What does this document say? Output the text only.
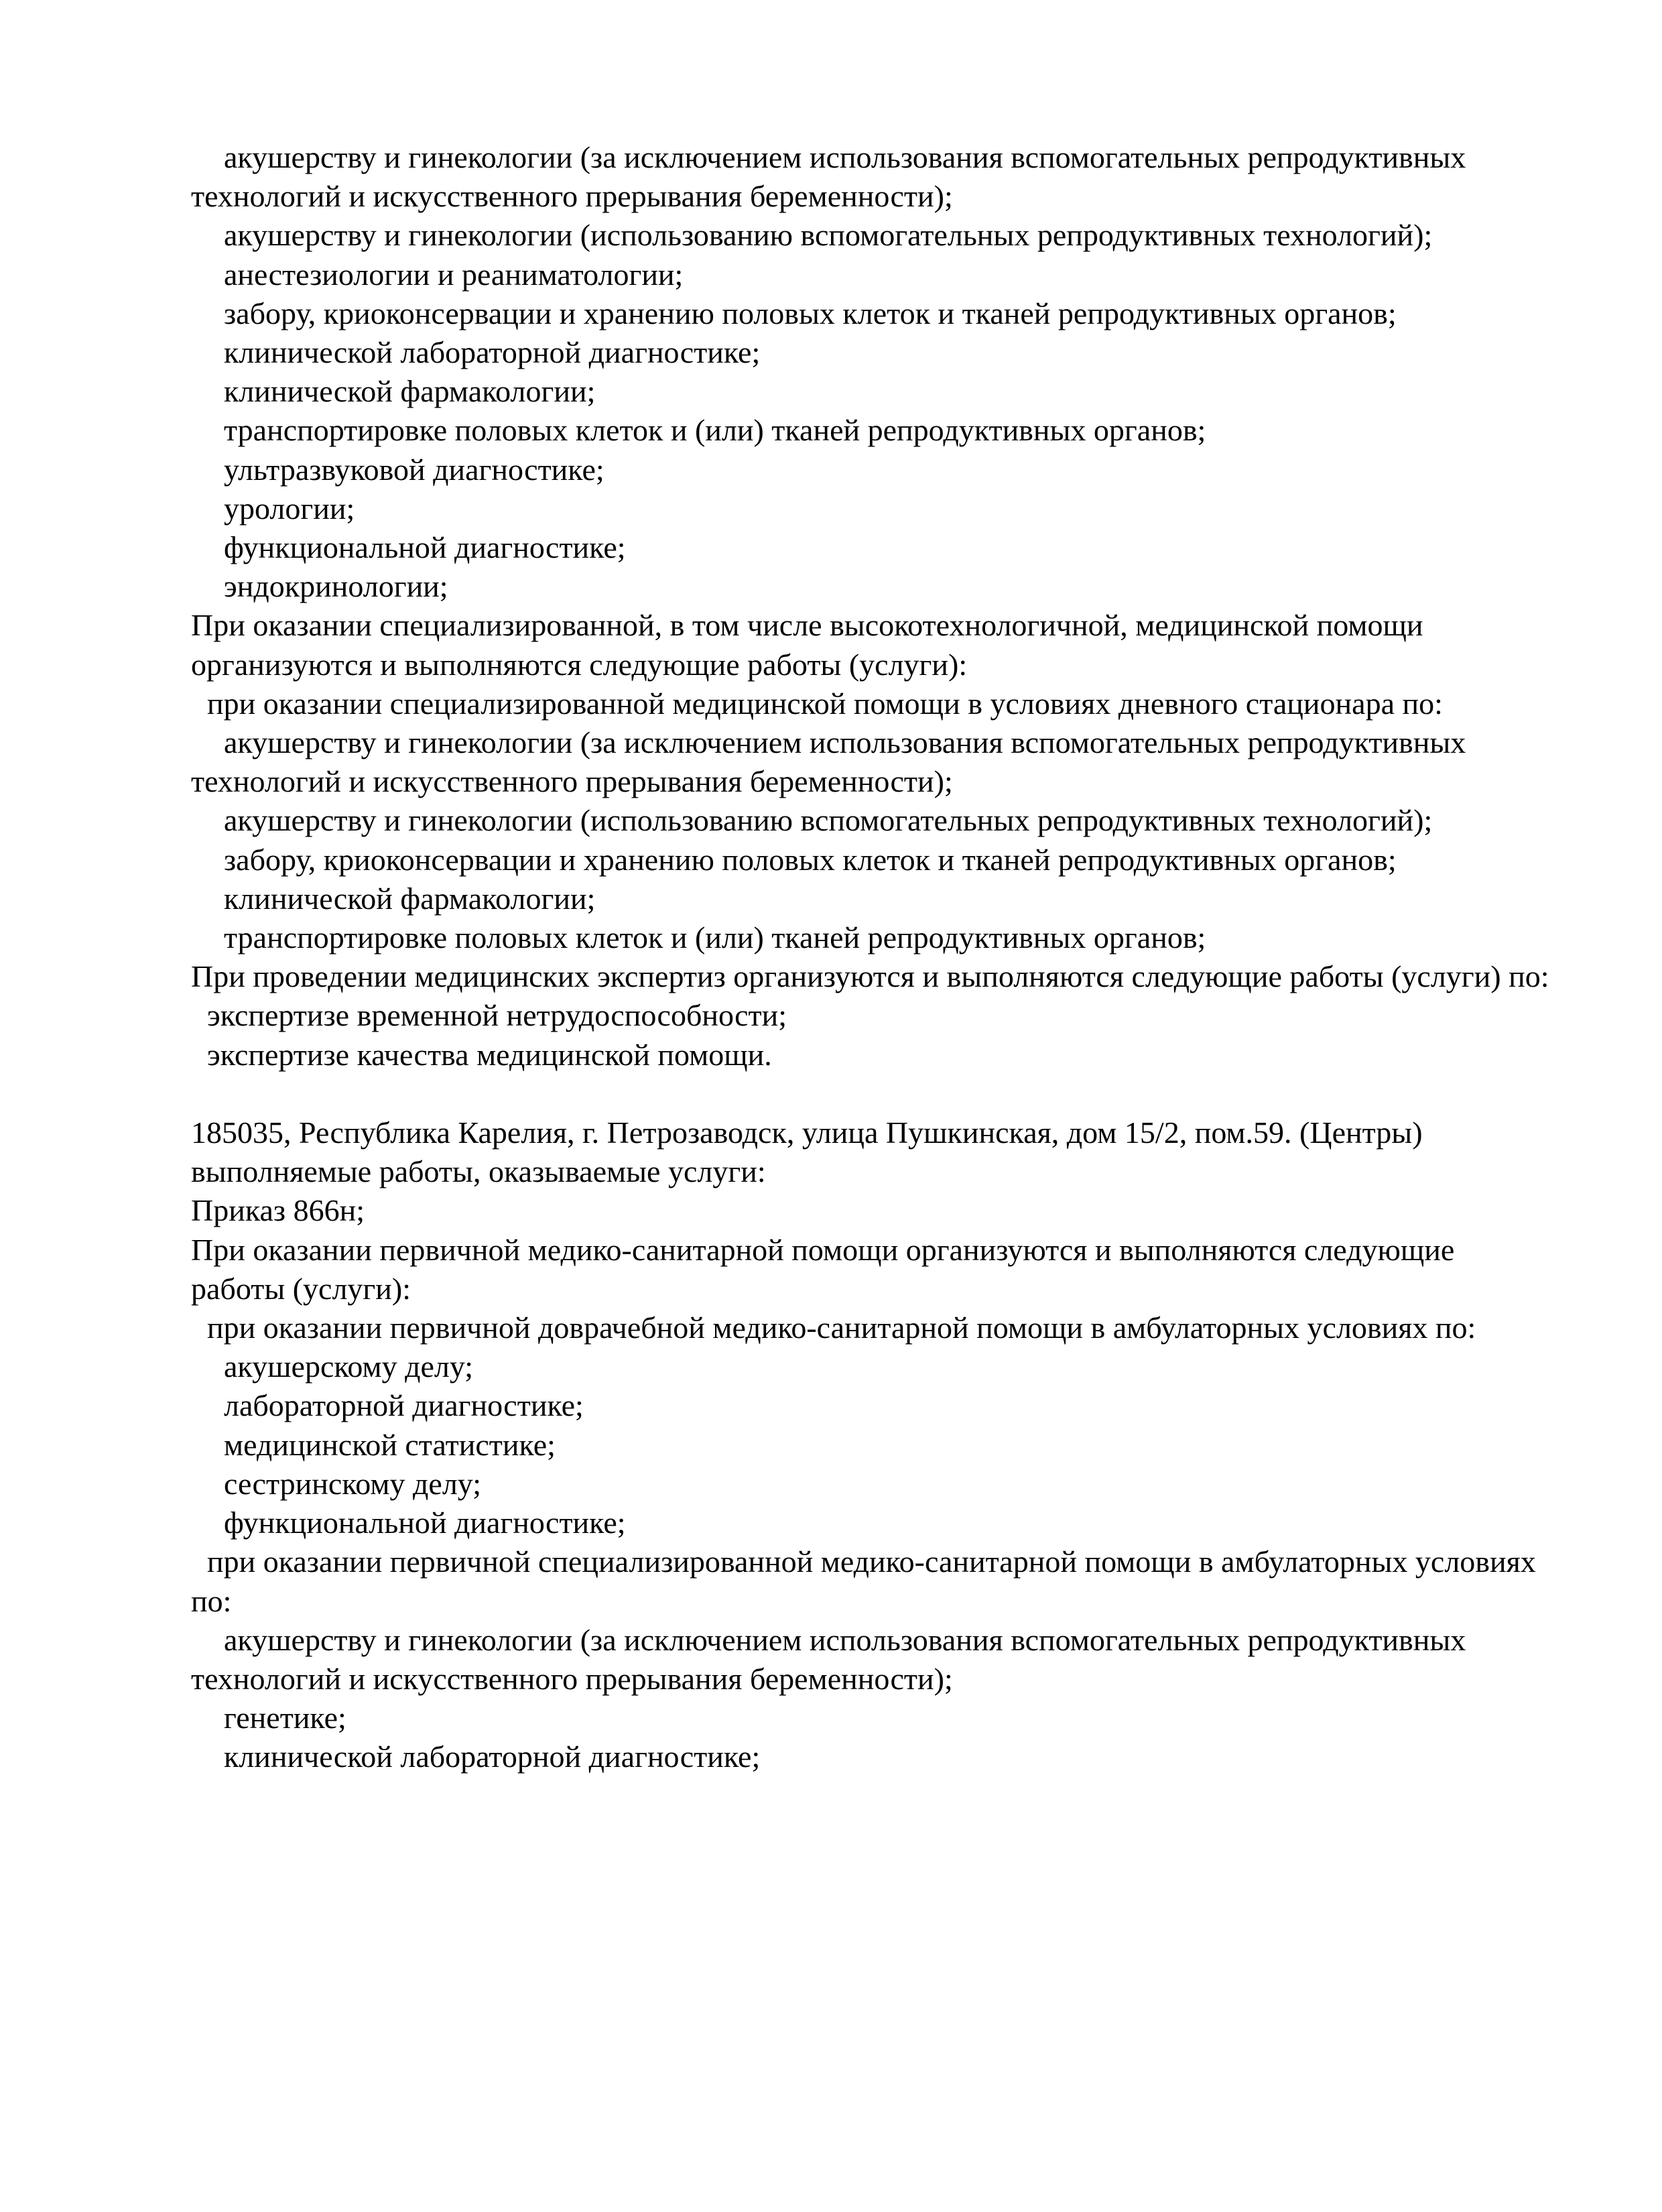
акушерству и гинекологии (за исключением использования вспомогательных репродуктивных технологий и искусственного прерывания беременности);

акушерству и гинекологии (использованию вспомогательных репродуктивных технологий);

анестезиологии и реаниматологии;

забору, криоконсервации и хранению половых клеток и тканей репродуктивных органов;

клинической лабораторной диагностике;

клинической фармакологии;

транспортировке половых клеток и (или) тканей репродуктивных органов;

ультразвуковой диагностике;

урологии;

функциональной диагностике;

эндокринологии;

При оказании специализированной, в том числе высокотехнологичной, медицинской помощи организуются и выполняются следующие работы (услуги):

при оказании специализированной медицинской помощи в условиях дневного стационара по:

акушерству и гинекологии (за исключением использования вспомогательных репродуктивных технологий и искусственного прерывания беременности);

акушерству и гинекологии (использованию вспомогательных репродуктивных технологий);

забору, криоконсервации и хранению половых клеток и тканей репродуктивных органов;

клинической фармакологии;

транспортировке половых клеток и (или) тканей репродуктивных органов;

При проведении медицинских экспертиз организуются и выполняются следующие работы (услуги) по:

экспертизе временной нетрудоспособности;

экспертизе качества медицинской помощи.

185035, Республика Карелия, г. Петрозаводск, улица Пушкинская, дом 15/2, пом.59. (Центры) выполняемые работы, оказываемые услуги:

Приказ 866н;

При оказании первичной медико-санитарной помощи организуются и выполняются следующие работы (услуги):

при оказании первичной доврачебной медико-санитарной помощи в амбулаторных условиях по:

акушерскому делу;

лабораторной диагностике;

медицинской статистике;

сестринскому делу;

функциональной диагностике;

при оказании первичной специализированной медико-санитарной помощи в амбулаторных условиях по:

акушерству и гинекологии (за исключением использования вспомогательных репродуктивных технологий и искусственного прерывания беременности);

генетике;

клинической лабораторной диагностике;
